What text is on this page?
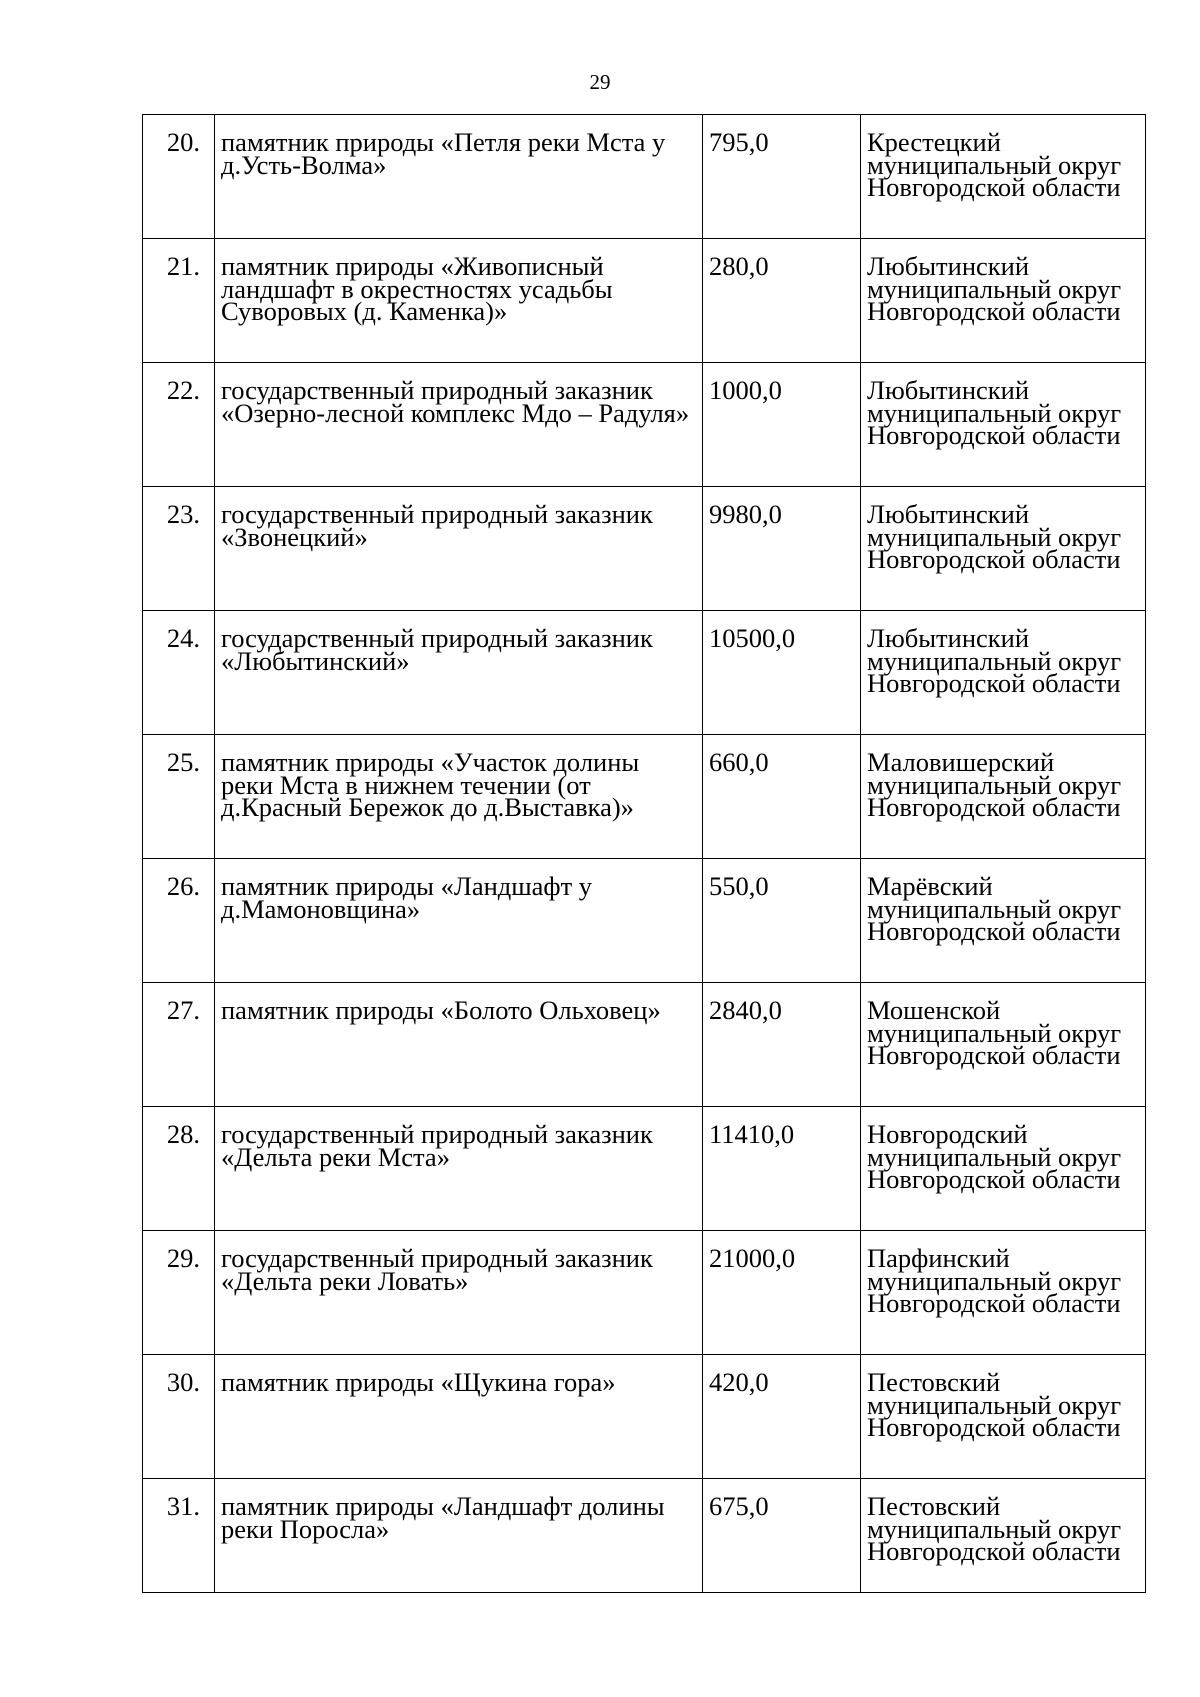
29
20.	памятник природы «Петля реки Мста у д.Усть-Волма»	795,0	Крестецкий муниципальный округ Новгородской области
21.	памятник природы «Живописный ландшафт в окрестностях усадьбы Суворовых (д. Каменка)»	280,0	Любытинский муниципальный округ Новгородской области
22.	государственный природный заказник «Озерно-лесной комплекс Мдо – Радуля»	1000,0	Любытинский муниципальный округ Новгородской области
23.	государственный природный заказник «Звонецкий»	9980,0	Любытинский муниципальный округ Новгородской области
24.	государственный природный заказник «Любытинский»	10500,0	Любытинский муниципальный округ Новгородской области
25.	памятник природы «Участок долины реки Мста в нижнем течении (от д.Красный Бережок до д.Выставка)»	660,0	Маловишерский муниципальный округ Новгородской области
26.	памятник природы «Ландшафт у д.Мамоновщина»	550,0	Марёвский муниципальный округ Новгородской области
27.	памятник природы «Болото Ольховец»	2840,0	Мошенской муниципальный округ Новгородской области
28.	государственный природный заказник «Дельта реки Мста»	11410,0	Новгородский муниципальный округ Новгородской области
29.	государственный природный заказник «Дельта реки Ловать»	21000,0	Парфинский муниципальный округ Новгородской области
30.	памятник природы «Щукина гора»	420,0	Пестовский муниципальный округ Новгородской области
31.	памятник природы «Ландшафт долины реки Поросла»	675,0	Пестовский муниципальный округ Новгородской области
